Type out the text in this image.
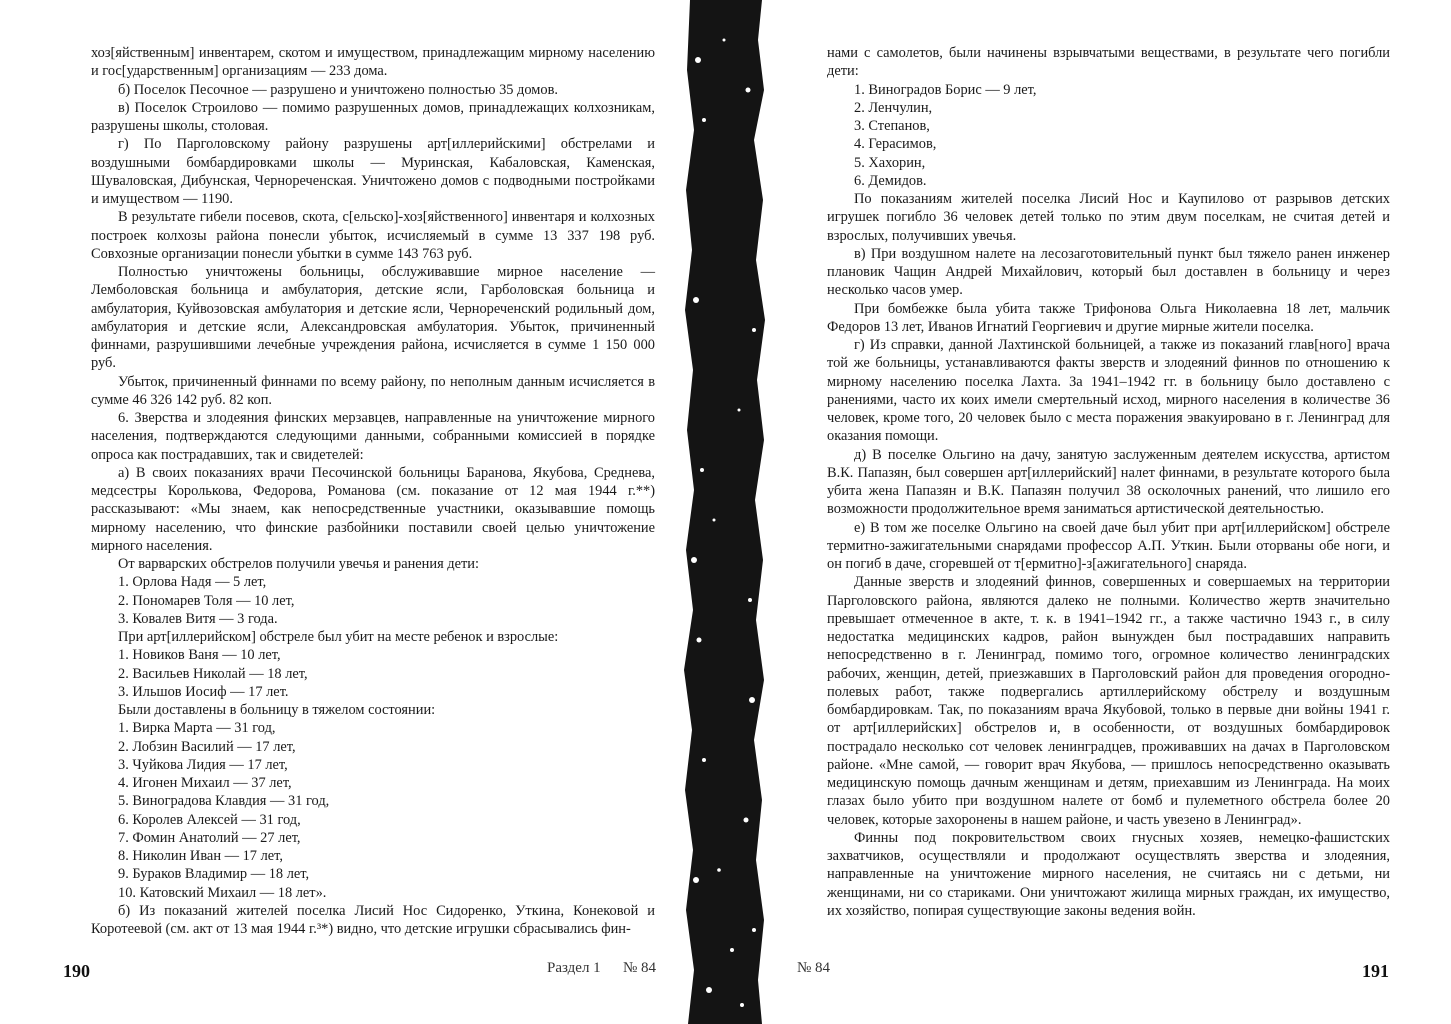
хоз[яйственным] инвентарем, скотом и имуществом, принадлежащим мирному населению и гос[ударственным] организациям — 233 дома.

б) Поселок Песочное — разрушено и уничтожено полностью 35 домов.

в) Поселок Строилово — помимо разрушенных домов, принадлежащих колхозникам, разрушены школы, столовая.

г) По Парголовскому району разрушены арт[иллерийскими] обстрелами и воздушными бомбардировками школы — Муринская, Кабаловская, Каменская, Шуваловская, Дибунская, Чернореченская. Уничтожено домов с подводными постройками и имуществом — 1190.

В результате гибели посевов, скота, с[ельско]-хоз[яйственного] инвентаря и колхозных построек колхозы района понесли убыток, исчисляемый в сумме 13 337 198 руб. Совхозные организации понесли убытки в сумме 143 763 руб.

Полностью уничтожены больницы, обслуживавшие мирное население — Лемболовская больница и амбулатория, детские ясли, Гарболовская больница и амбулатория, Куйвозовская амбулатория и детские ясли, Чернореченский родильный дом, амбулатория и детские ясли, Александровская амбулатория. Убыток, причиненный финнами, разрушившими лечебные учреждения района, исчисляется в сумме 1 150 000 руб.

Убыток, причиненный финнами по всему району, по неполным данным исчисляется в сумме 46 326 142 руб. 82 коп.

6. Зверства и злодеяния финских мерзавцев, направленные на уничтожение мирного населения, подтверждаются следующими данными, собранными комиссией в порядке опроса как пострадавших, так и свидетелей:

а) В своих показаниях врачи Песочинской больницы Баранова, Якубова, Среднева, медсестры Королькова, Федорова, Романова (см. показание от 12 мая 1944 г.**) рассказывают: «Мы знаем, как непосредственные участники, оказывавшие помощь мирному населению, что финские разбойники поставили своей целью уничтожение мирного населения.

От варварских обстрелов получили увечья и ранения дети:

1. Орлова Надя — 5 лет,

2. Пономарев Толя — 10 лет,

3. Ковалев Витя — 3 года.

При арт[иллерийском] обстреле был убит на месте ребенок и взрослые:

1. Новиков Ваня — 10 лет,

2. Васильев Николай — 18 лет,

3. Ильшов Иосиф — 17 лет.

Были доставлены в больницу в тяжелом состоянии:

1. Вирка Марта — 31 год,

2. Лобзин Василий — 17 лет,

3. Чуйкова Лидия — 17 лет,

4. Игонен Михаил — 37 лет,

5. Виноградова Клавдия — 31 год,

6. Королев Алексей — 31 год,

7. Фомин Анатолий — 27 лет,

8. Николин Иван — 17 лет,

9. Бураков Владимир — 18 лет,

10. Катовский Михаил — 18 лет».

б) Из показаний жителей поселка Лисий Нос Сидоренко, Уткина, Конековой и Коротеевой (см. акт от 13 мая 1944 г.³*) видно, что детские игрушки сбрасывались фин-

нами с самолетов, были начинены взрывчатыми веществами, в результате чего погибли дети:

1. Виноградов Борис — 9 лет,

2. Ленчулин,

3. Степанов,

4. Герасимов,

5. Хахорин,

6. Демидов.

По показаниям жителей поселка Лисий Нос и Каупилово от разрывов детских игрушек погибло 36 человек детей только по этим двум поселкам, не считая детей и взрослых, получивших увечья.

в) При воздушном налете на лесозаготовительный пункт был тяжело ранен инженер плановик Чащин Андрей Михайлович, который был доставлен в больницу и через несколько часов умер.

При бомбежке была убита также Трифонова Ольга Николаевна 18 лет, мальчик Федоров 13 лет, Иванов Игнатий Георгиевич и другие мирные жители поселка.

г) Из справки, данной Лахтинской больницей, а также из показаний глав[ного] врача той же больницы, устанавливаются факты зверств и злодеяний финнов по отношению к мирному населению поселка Лахта. За 1941–1942 гг. в больницу было доставлено с ранениями, часто их коих имели смертельный исход, мирного населения в количестве 36 человек, кроме того, 20 человек было с места поражения эвакуировано в г. Ленинград для оказания помощи.

д) В поселке Ольгино на дачу, занятую заслуженным деятелем искусства, артистом В.К. Папазян, был совершен арт[иллерийский] налет финнами, в результате которого была убита жена Папазян и В.К. Папазян получил 38 осколочных ранений, что лишило его возможности продолжительное время заниматься артистической деятельностью.

е) В том же поселке Ольгино на своей даче был убит при арт[иллерийском] обстреле термитно-зажигательными снарядами профессор А.П. Уткин. Были оторваны обе ноги, и он погиб в даче, сгоревшей от т[ермитно]-з[ажигательного] снаряда.

Данные зверств и злодеяний финнов, совершенных и совершаемых на территории Парголовского района, являются далеко не полными. Количество жертв значительно превышает отмеченное в акте, т. к. в 1941–1942 гг., а также частично 1943 г., в силу недостатка медицинских кадров, район вынужден был пострадавших направить непосредственно в г. Ленинград, помимо того, огромное количество ленинградских рабочих, женщин, детей, приезжавших в Парголовский район для проведения огородно-полевых работ, также подвергались артиллерийскому обстрелу и воздушным бомбардировкам. Так, по показаниям врача Якубовой, только в первые дни войны 1941 г. от арт[иллерийских] обстрелов и, в особенности, от воздушных бомбардировок пострадало несколько сот человек ленинградцев, проживавших на дачах в Парголовском районе. «Мне самой, — говорит врач Якубова, — пришлось непосредственно оказывать медицинскую помощь дачным женщинам и детям, приехавшим из Ленинграда. На моих глазах было убито при воздушном налете от бомб и пулеметного обстрела более 20 человек, которые захоронены в нашем районе, и часть увезено в Ленинград».

Финны под покровительством своих гнусных хозяев, немецко-фашистских захватчиков, осуществляли и продолжают осуществлять зверства и злодеяния, направленные на уничтожение мирного населения, не считаясь ни с детьми, ни женщинами, ни со стариками. Они уничтожают жилища мирных граждан, их имущество, их хозяйство, попирая существующие законы ведения войн.

190	Раздел 1 № 84	№ 84	191
